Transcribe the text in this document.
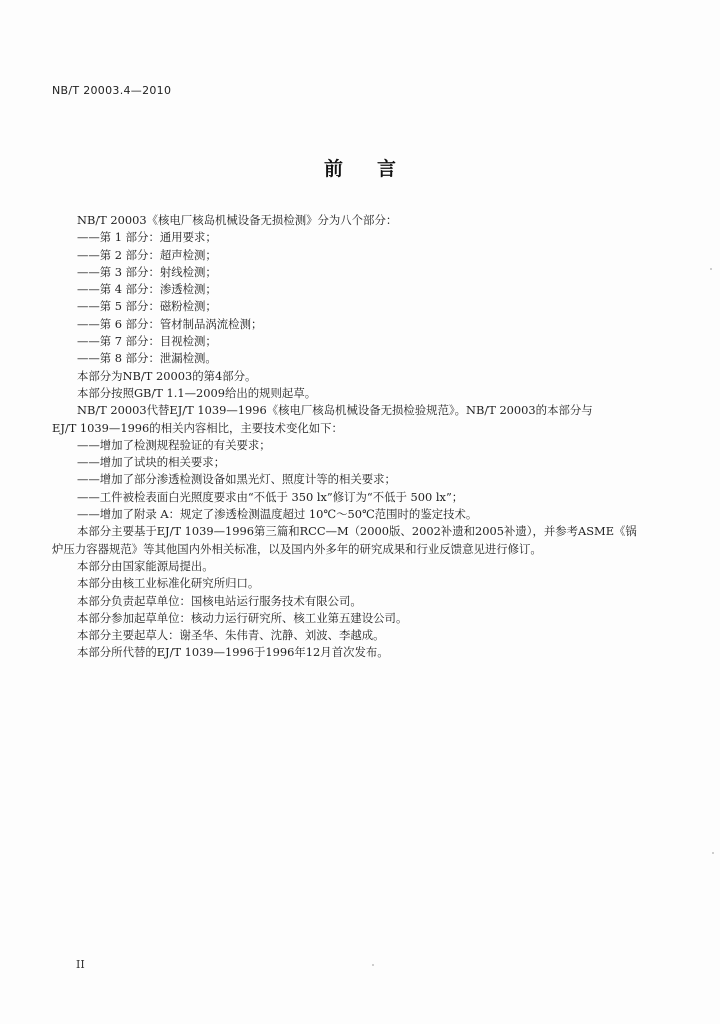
NB/T 20003.4—2010
前言

NB/T 20003《核电厂核岛机械设备无损检测》分为八个部分：

——第 1 部分：通用要求；

——第 2 部分：超声检测；

——第 3 部分：射线检测；

——第 4 部分：渗透检测；

——第 5 部分：磁粉检测；

——第 6 部分：管材制品涡流检测；

——第 7 部分：目视检测；

——第 8 部分：泄漏检测。

本部分为NB/T 20003的第4部分。

本部分按照GB/T 1.1—2009给出的规则起草。

NB/T 20003代替EJ/T 1039—1996《核电厂核岛机械设备无损检验规范》。NB/T 20003的本部分与

EJ/T 1039—1996的相关内容相比，主要技术变化如下：

——增加了检测规程验证的有关要求；

——增加了试块的相关要求；

——增加了部分渗透检测设备如黑光灯、照度计等的相关要求；

——工件被检表面白光照度要求由“不低于 350 lx”修订为“不低于 500 lx”；

——增加了附录 A：规定了渗透检测温度超过 10℃～50℃范围时的鉴定技术。

本部分主要基于EJ/T 1039—1996第三篇和RCC—M（2000版、2002补遗和2005补遗），并参考ASME《锅

炉压力容器规范》等其他国内外相关标准，以及国内外多年的研究成果和行业反馈意见进行修订。

本部分由国家能源局提出。

本部分由核工业标准化研究所归口。

本部分负责起草单位：国核电站运行服务技术有限公司。

本部分参加起草单位：核动力运行研究所、核工业第五建设公司。

本部分主要起草人：谢圣华、朱伟青、沈静、刘波、李越成。

本部分所代替的EJ/T 1039—1996于1996年12月首次发布。

II
